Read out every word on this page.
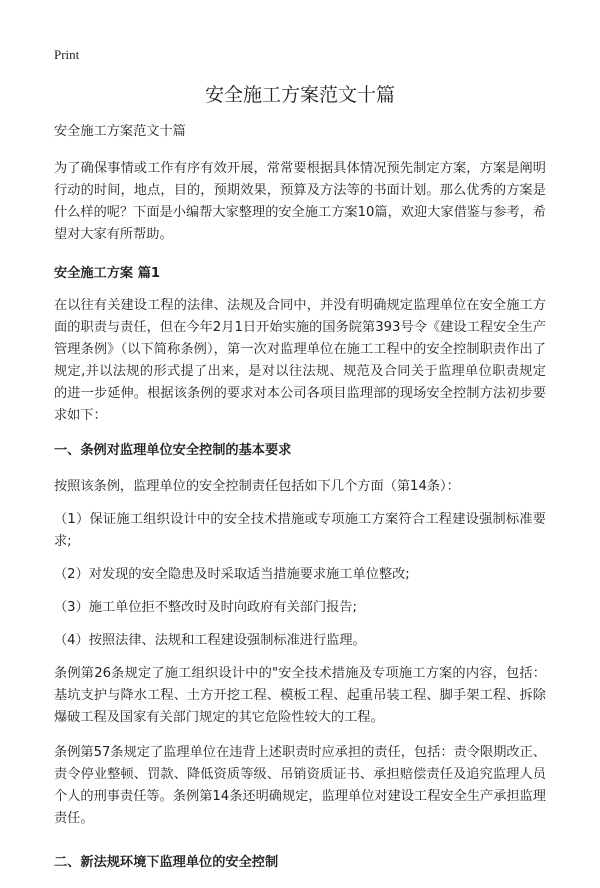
Print
安全施工方案范文十篇

安全施工方案范文十篇

为了确保事情或工作有序有效开展，常常要根据具体情况预先制定方案，方案是阐明行动的时间，地点，目的，预期效果，预算及方法等的书面计划。那么优秀的方案是什么样的呢？下面是小编帮大家整理的安全施工方案10篇，欢迎大家借鉴与参考，希望对大家有所帮助。

安全施工方案 篇1

在以往有关建设工程的法律、法规及合同中，并没有明确规定监理单位在安全施工方面的职责与责任，但在今年2月1日开始实施的国务院第393号令《建设工程安全生产管理条例》（以下简称条例），第一次对监理单位在施工工程中的安全控制职责作出了规定,并以法规的形式提了出来，是对以往法规、规范及合同关于监理单位职责规定的进一步延伸。根据该条例的要求对本公司各项目监理部的现场安全控制方法初步要求如下：

一、条例对监理单位安全控制的基本要求

按照该条例，监理单位的安全控制责任包括如下几个方面（第14条）：

（1）保证施工组织设计中的安全技术措施或专项施工方案符合工程建设强制标准要求;

（2）对发现的安全隐患及时采取适当措施要求施工单位整改;

（3）施工单位拒不整改时及时向政府有关部门报告;

（4）按照法律、法规和工程建设强制标准进行监理。

条例第26条规定了施工组织设计中的"安全技术措施及专项施工方案的内容，包括：基坑支护与降水工程、土方开挖工程、模板工程、起重吊装工程、脚手架工程、拆除爆破工程及国家有关部门规定的其它危险性较大的工程。

条例第57条规定了监理单位在违背上述职责时应承担的责任，包括：责令限期改正、责令停业整顿、罚款、降低资质等级、吊销资质证书、承担赔偿责任及追究监理人员个人的刑事责任等。条例第14条还明确规定，监理单位对建设工程安全生产承担监理责任。

二、新法规环境下监理单位的安全控制
